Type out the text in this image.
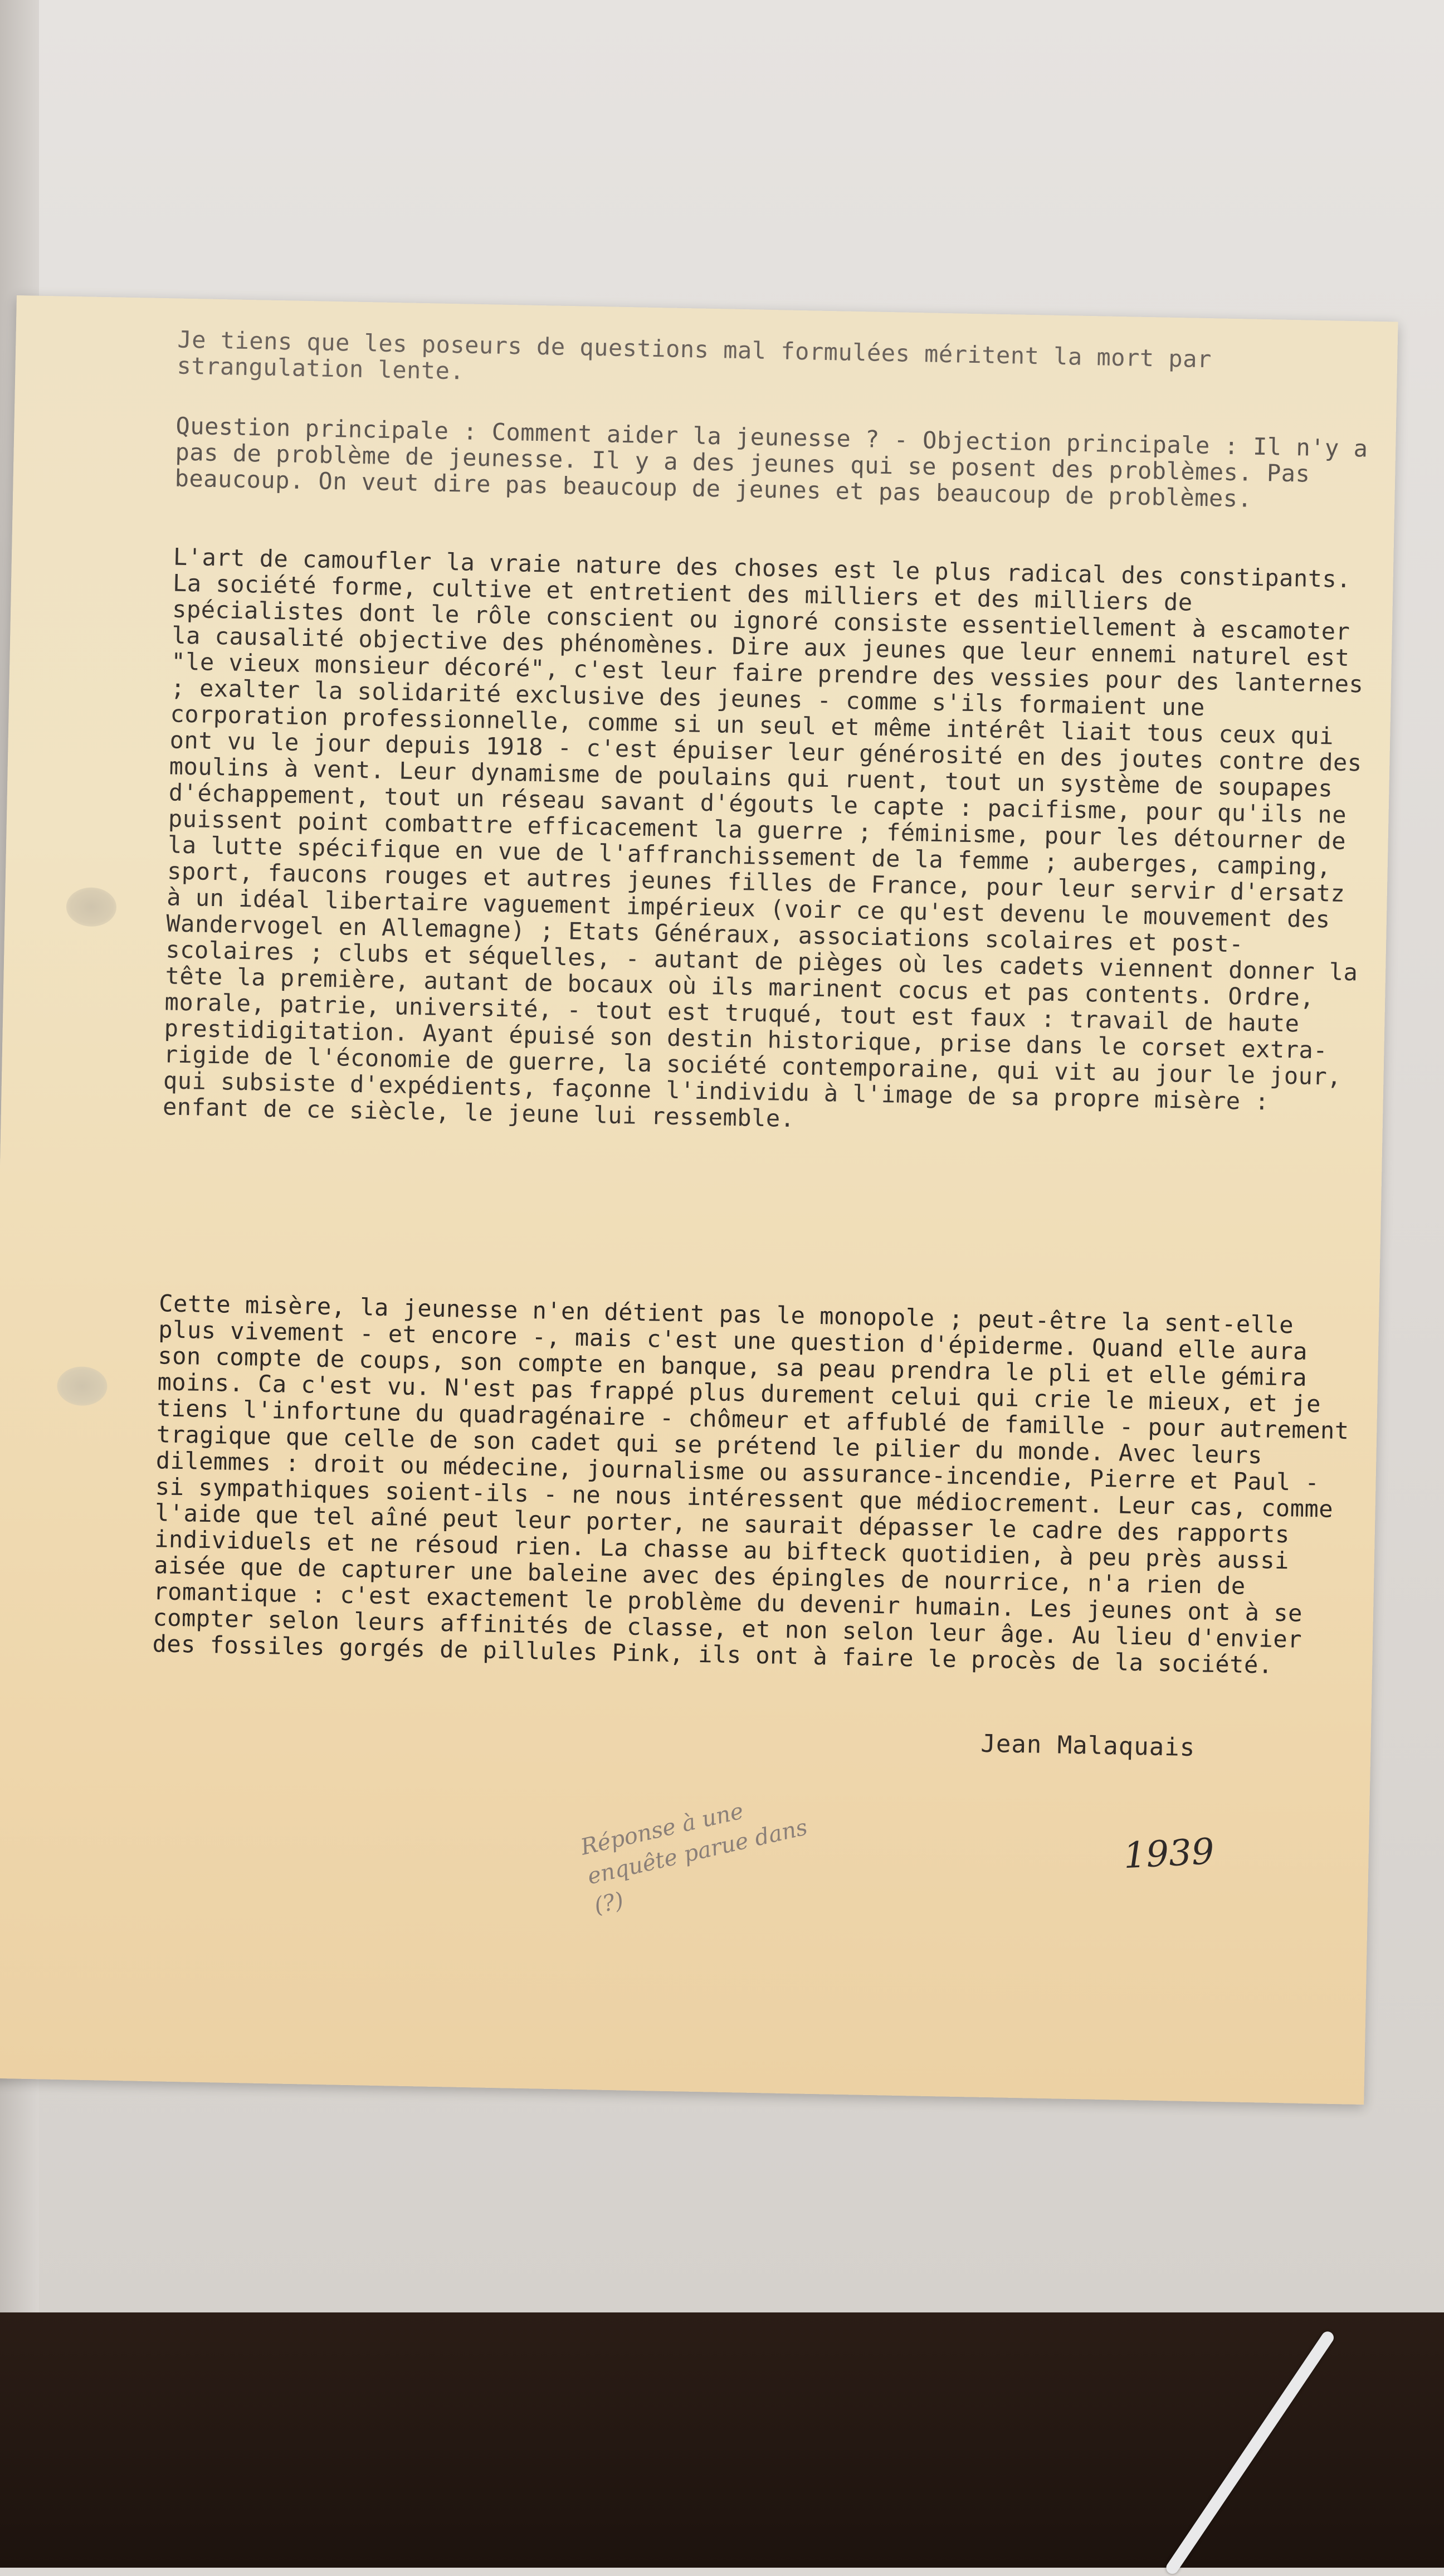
Je tiens que les poseurs de questions mal formulées méritent la mort par strangulation lente.

Question principale : Comment aider la jeunesse ? - Objection principale : Il n'y a pas de problème de jeunesse. Il y a des jeunes qui se posent des problèmes. Pas beaucoup. On veut dire pas beaucoup de jeunes et pas beaucoup de problèmes.

L'art de camoufler la vraie nature des choses est le plus radical des constipants. La société forme, cultive et entretient des milliers et des milliers de spécialistes dont le rôle conscient ou ignoré consiste essentiellement à escamoter la causalité objective des phénomènes. Dire aux jeunes que leur ennemi naturel est "le vieux monsieur décoré", c'est leur faire prendre des vessies pour des lanternes ; exalter la solidarité exclusive des jeunes - comme s'ils formaient une corporation professionnelle, comme si un seul et même intérêt liait tous ceux qui ont vu le jour depuis 1918 - c'est épuiser leur générosité en des joutes contre des moulins à vent. Leur dynamisme de poulains qui ruent, tout un système de soupapes d'échappement, tout un réseau savant d'égouts le capte : pacifisme, pour qu'ils ne puissent point combattre efficacement la guerre ; féminisme, pour les détourner de la lutte spécifique en vue de l'affranchissement de la femme ; auberges, camping, sport, faucons rouges et autres jeunes filles de France, pour leur servir d'ersatz à un idéal libertaire vaguement impérieux (voir ce qu'est devenu le mouvement des Wandervogel en Allemagne) ; Etats Généraux, associations scolaires et post-scolaires ; clubs et séquelles, - autant de pièges où les cadets viennent donner la tête la première, autant de bocaux où ils marinent cocus et pas contents. Ordre, morale, patrie, université, - tout est truqué, tout est faux : travail de haute prestidigitation. Ayant épuisé son destin historique, prise dans le corset extra-rigide de l'économie de guerre, la société contemporaine, qui vit au jour le jour, qui subsiste d'expédients, façonne l'individu à l'image de sa propre misère : enfant de ce siècle, le jeune lui ressemble.

Cette misère, la jeunesse n'en détient pas le monopole ; peut-être la sent-elle plus vivement - et encore -, mais c'est une question d'épiderme. Quand elle aura son compte de coups, son compte en banque, sa peau prendra le pli et elle gémira moins. Ca c'est vu. N'est pas frappé plus durement celui qui crie le mieux, et je tiens l'infortune du quadragénaire - chômeur et affublé de famille - pour autrement tragique que celle de son cadet qui se prétend le pilier du monde. Avec leurs dilemmes : droit ou médecine, journalisme ou assurance-incendie, Pierre et Paul - si sympathiques soient-ils - ne nous intéressent que médiocrement. Leur cas, comme l'aide que tel aîné peut leur porter, ne saurait dépasser le cadre des rapports individuels et ne résoud rien. La chasse au bifteck quotidien, à peu près aussi aisée que de capturer une baleine avec des épingles de nourrice, n'a rien de romantique : c'est exactement le problème du devenir humain. Les jeunes ont à se compter selon leurs affinités de classe, et non selon leur âge. Au lieu d'envier des fossiles gorgés de pillules Pink, ils ont à faire le procès de la société.

Jean Malaquais
Réponse à une enquête parue dans (?)
1939
